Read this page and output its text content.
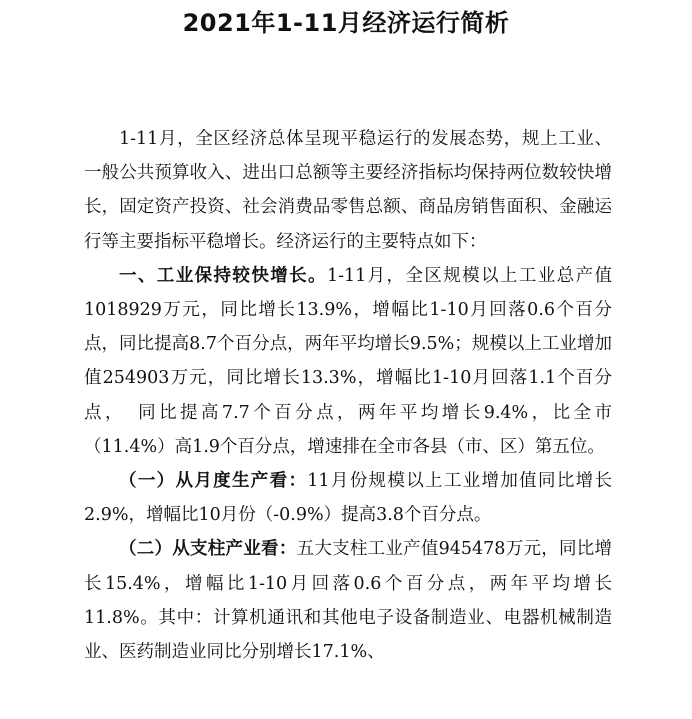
2021年1-11月经济运行简析

1-11月，全区经济总体呈现平稳运行的发展态势，规上工业、一般公共预算收入、进出口总额等主要经济指标均保持两位数较快增长，固定资产投资、社会消费品零售总额、商品房销售面积、金融运行等主要指标平稳增长。经济运行的主要特点如下：

一、工业保持较快增长。1-11月，全区规模以上工业总产值1018929万元，同比增长13.9%，增幅比1-10月回落0.6个百分点，同比提高8.7个百分点，两年平均增长9.5%；规模以上工业增加值254903万元，同比增长13.3%，增幅比1-10月回落1.1个百分点，　同比提高7.7个百分点，两年平均增长9.4%，比全市（11.4%）高1.9个百分点，增速排在全市各县（市、区）第五位。

（一）从月度生产看：11月份规模以上工业增加值同比增长2.9%，增幅比10月份（-0.9%）提高3.8个百分点。

（二）从支柱产业看：五大支柱工业产值945478万元，同比增长15.4%，增幅比1-10月回落0.6个百分点，两年平均增长11.8%。其中：计算机通讯和其他电子设备制造业、电器机械制造业、医药制造业同比分别增长17.1%、
